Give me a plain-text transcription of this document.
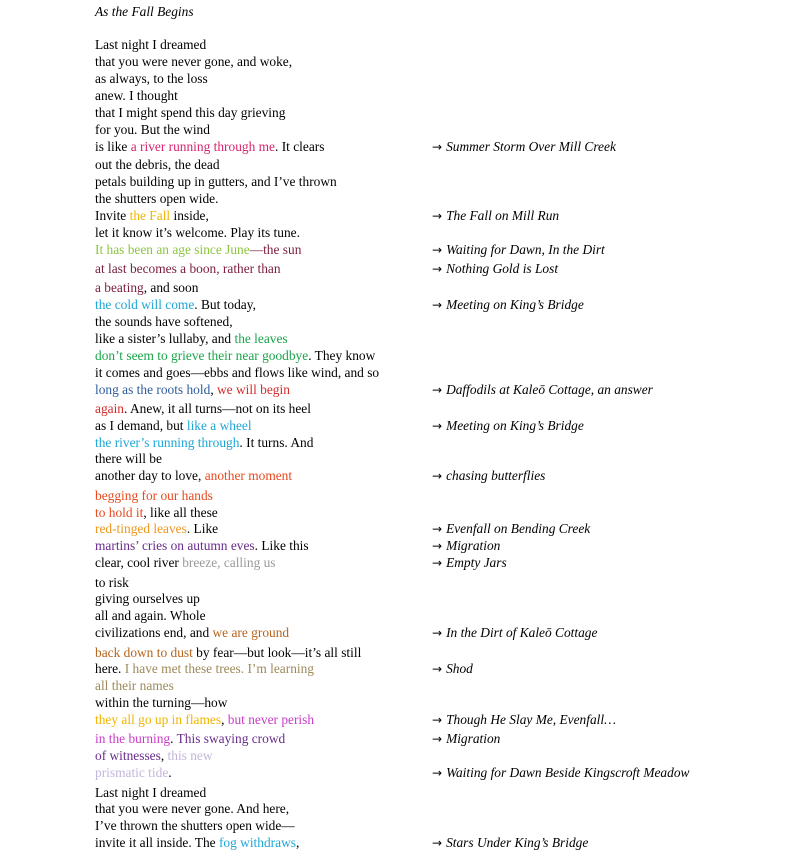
As the Fall Begins
Last night I dreamed
that you were never gone, and woke,
as always, to the loss
anew. I thought
that I might spend this day grieving
for you. But the wind
is like a river running through me. It clears
out the debris, the dead
petals building up in gutters, and I’ve thrown
the shutters open wide.
Invite the Fall inside,
let it know it’s welcome. Play its tune.
It has been an age since June—the sun
at last becomes a boon, rather than
a beating, and soon
the cold will come. But today,
the sounds have softened,
like a sister’s lullaby, and the leaves
don’t seem to grieve their near goodbye. They know
it comes and goes—ebbs and flows like wind, and so
long as the roots hold, we will begin
again. Anew, it all turns—not on its heel
as I demand, but like a wheel
the river’s running through. It turns. And
there will be
another day to love, another moment
begging for our hands
to hold it, like all these
red-tinged leaves. Like
martins’ cries on autumn eves. Like this
clear, cool river breeze, calling us
to risk
giving ourselves up
all and again. Whole
civilizations end, and we are ground
back down to dust by fear—but look—it’s all still
here. I have met these trees. I’m learning
all their names
within the turning—how
they all go up in flames, but never perish
in the burning. This swaying crowd
of witnesses, this new
prismatic tide.
Last night I dreamed
that you were never gone. And here,
I’ve thrown the shutters open wide—
invite it all inside. The fog withdraws,
→ Summer Storm Over Mill Creek
→ The Fall on Mill Run
→ Waiting for Dawn, In the Dirt
→ Nothing Gold is Lost
→ Meeting on King’s Bridge
→ Daffodils at Kaleō Cottage, an answer
→ Meeting on King’s Bridge
→ chasing butterflies
→ Evenfall on Bending Creek
→ Migration
→ Empty Jars
→ In the Dirt of Kaleō Cottage
→ Shod
→ Though He Slay Me, Evenfall…
→ Migration
→ Waiting for Dawn Beside Kingscroft Meadow
→ Stars Under King’s Bridge
